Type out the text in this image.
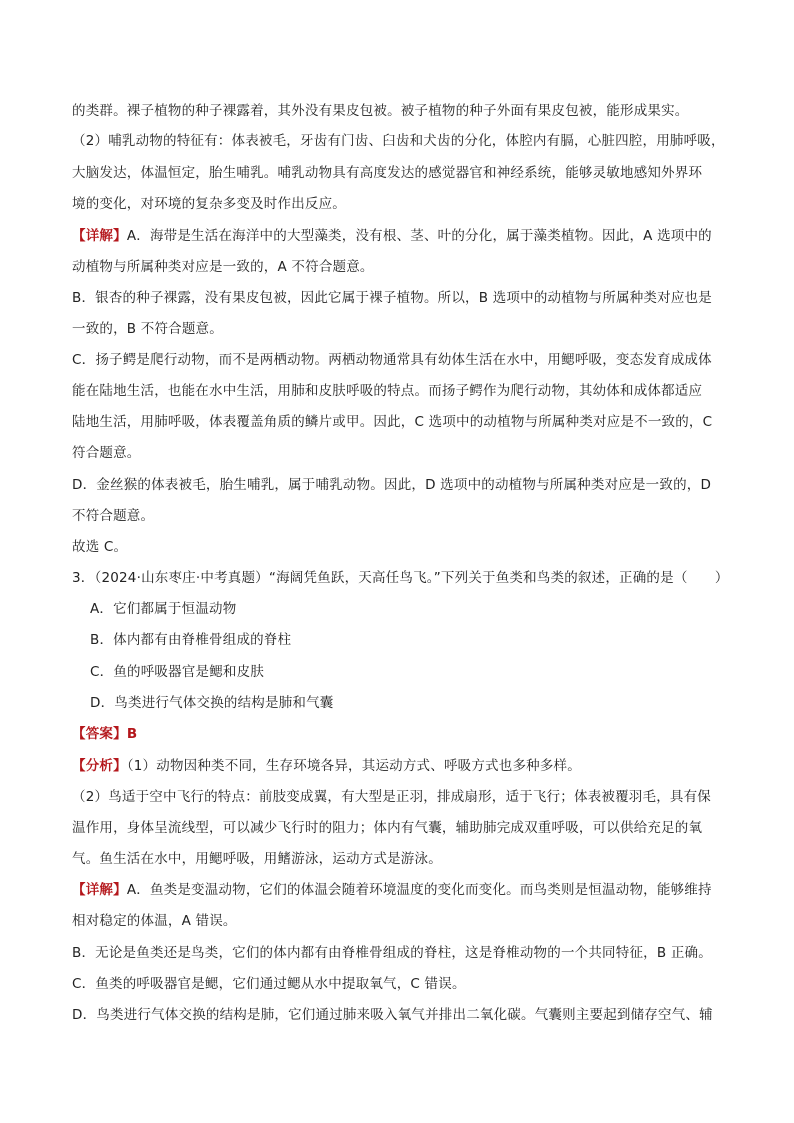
的类群。裸子植物的种子裸露着，其外没有果皮包被。被子植物的种子外面有果皮包被，能形成果实。
（2）哺乳动物的特征有：体表被毛，牙齿有门齿、臼齿和犬齿的分化，体腔内有膈，心脏四腔，用肺呼吸，
大脑发达，体温恒定，胎生哺乳。哺乳动物具有高度发达的感觉器官和神经系统，能够灵敏地感知外界环
境的变化，对环境的复杂多变及时作出反应。
【详解】A．海带是生活在海洋中的大型藻类，没有根、茎、叶的分化，属于藻类植物。因此，A 选项中的
动植物与所属种类对应是一致的，A 不符合题意。
B．银杏的种子裸露，没有果皮包被，因此它属于裸子植物。所以，B 选项中的动植物与所属种类对应也是
一致的，B 不符合题意。
C．扬子鳄是爬行动物，而不是两栖动物。两栖动物通常具有幼体生活在水中，用鳃呼吸，变态发育成成体
能在陆地生活，也能在水中生活，用肺和皮肤呼吸的特点。而扬子鳄作为爬行动物，其幼体和成体都适应
陆地生活，用肺呼吸，体表覆盖角质的鳞片或甲。因此，C 选项中的动植物与所属种类对应是不一致的，C
符合题意。
D．金丝猴的体表被毛，胎生哺乳，属于哺乳动物。因此，D 选项中的动植物与所属种类对应是一致的，D
不符合题意。
故选 C。
3．（2024·山东枣庄·中考真题）“海阔凭鱼跃，天高任鸟飞。”下列关于鱼类和鸟类的叙述，正确的是（　　）
A．它们都属于恒温动物
B．体内都有由脊椎骨组成的脊柱
C．鱼的呼吸器官是鳃和皮肤
D．鸟类进行气体交换的结构是肺和气囊
【答案】B
【分析】（1）动物因种类不同，生存环境各异，其运动方式、呼吸方式也多种多样。
（2）鸟适于空中飞行的特点：前肢变成翼，有大型是正羽，排成扇形，适于飞行；体表被覆羽毛，具有保
温作用，身体呈流线型，可以减少飞行时的阻力；体内有气囊，辅助肺完成双重呼吸，可以供给充足的氧
气。鱼生活在水中，用鳃呼吸，用鳍游泳，运动方式是游泳。
【详解】A．鱼类是变温动物，它们的体温会随着环境温度的变化而变化。而鸟类则是恒温动物，能够维持
相对稳定的体温，A 错误。
B．无论是鱼类还是鸟类，它们的体内都有由脊椎骨组成的脊柱，这是脊椎动物的一个共同特征，B 正确。
C．鱼类的呼吸器官是鳃，它们通过鳃从水中提取氧气，C 错误。
D．鸟类进行气体交换的结构是肺，它们通过肺来吸入氧气并排出二氧化碳。气囊则主要起到储存空气、辅
